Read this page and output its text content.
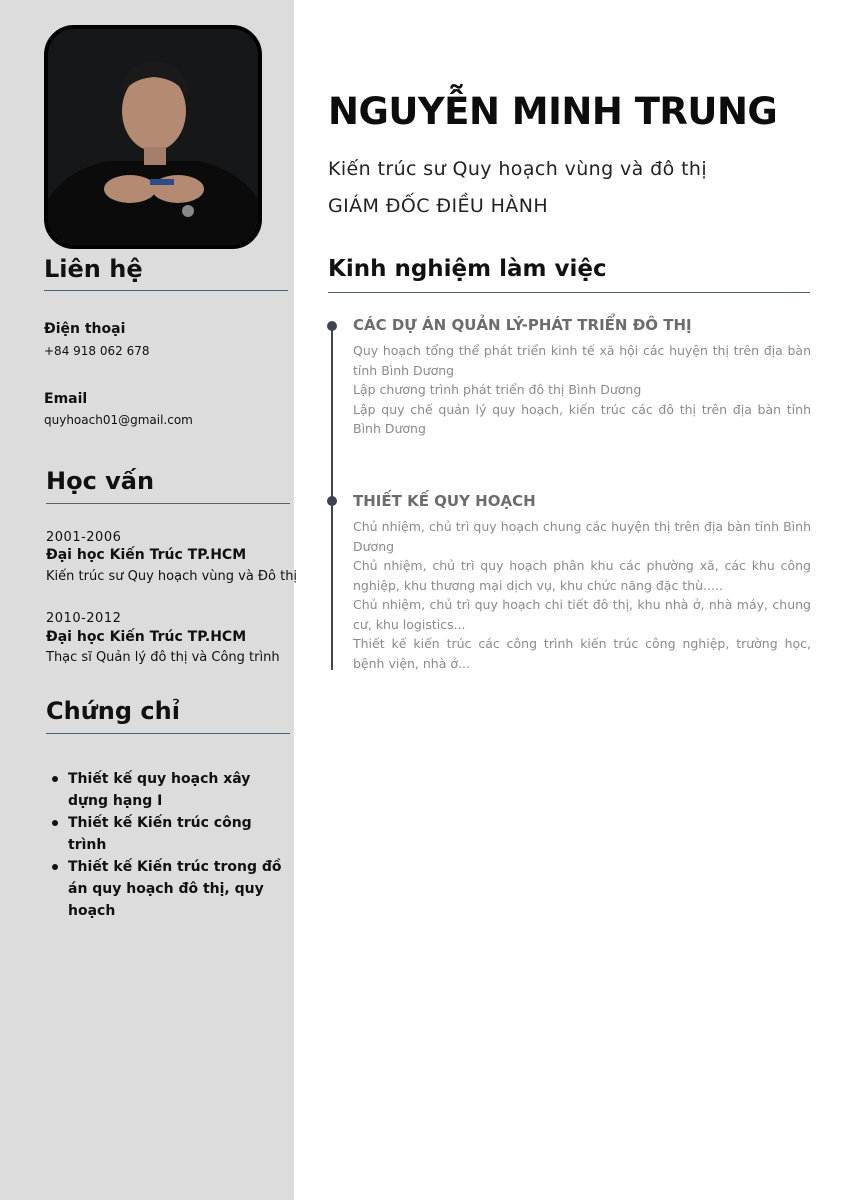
Liên hệ
Điện thoại
+84 918 062 678
Email
quyhoach01@gmail.com
Học vấn
2001-2006
Đại học Kiến Trúc TP.HCM
Kiến trúc sư Quy hoạch vùng và Đô thị
2010-2012
Đại học Kiến Trúc TP.HCM
Thạc sĩ Quản lý đô thị và Công trình
Chứng chỉ
Thiết kế quy hoạch xây dựng hạng I
Thiết kế Kiến trúc công trình
Thiết kế Kiến trúc trong đồ án quy hoạch đô thị, quy hoạch
NGUYỄN MINH TRUNG
Kiến trúc sư Quy hoạch vùng và đô thị
GIÁM ĐỐC ĐIỀU HÀNH
Kinh nghiệm làm việc
CÁC DỰ ÁN QUẢN LÝ-PHÁT TRIỂN ĐÔ THỊ
Quy hoạch tổng thể phát triển kinh tế xã hội các huyện thị trên địa bàn tỉnh Bình Dương
Lập chương trình phát triển đô thị Bình Dương
Lập quy chế quản lý quy hoạch, kiến trúc các đô thị trên địa bàn tỉnh Bình Dương
THIẾT KẾ QUY HOẠCH
Chủ nhiệm, chủ trì quy hoạch chung các huyện thị trên địa bàn tỉnh Bình Dương
Chủ nhiệm, chủ trì quy hoạch phân khu các phường xã, các khu công nghiệp, khu thương mại dịch vụ, khu chức năng đặc thù.....
Chủ nhiệm, chủ trì quy hoạch chi tiết đô thị, khu nhà ở, nhà máy, chung cư, khu logistics...
Thiết kế kiến trúc các công trình kiến trúc công nghiệp, trường học, bệnh viện, nhà ở...
